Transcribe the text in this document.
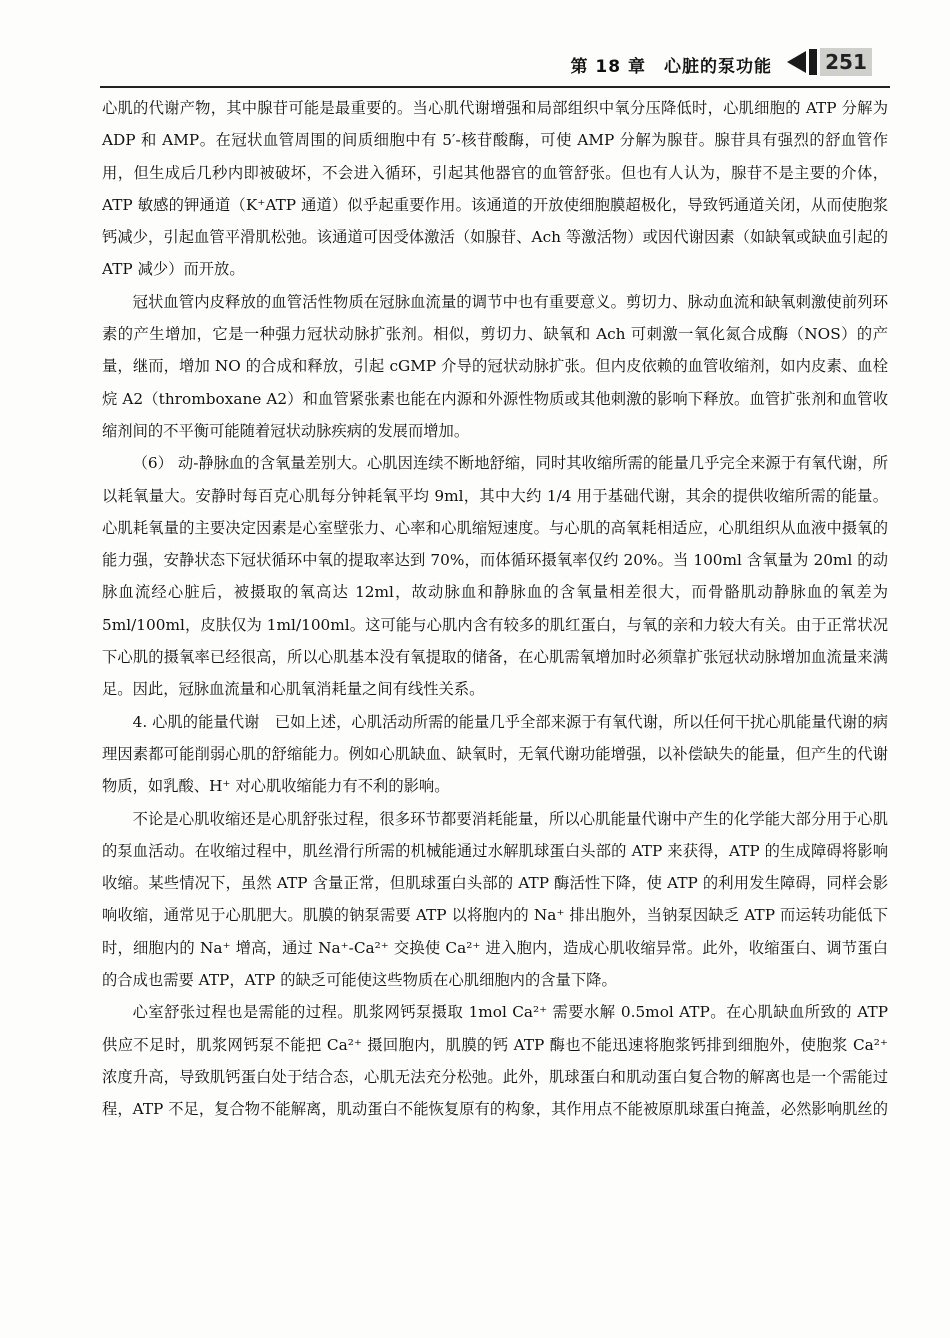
第 18 章　心脏的泵功能	251

心肌的代谢产物，其中腺苷可能是最重要的。当心肌代谢增强和局部组织中氧分压降低时，心肌细胞的 ATP 分解为 ADP 和 AMP。在冠状血管周围的间质细胞中有 5′-核苷酸酶，可使 AMP 分解为腺苷。腺苷具有强烈的舒血管作用，但生成后几秒内即被破坏，不会进入循环，引起其他器官的血管舒张。但也有人认为，腺苷不是主要的介体，ATP 敏感的钾通道（K⁺ATP 通道）似乎起重要作用。该通道的开放使细胞膜超极化，导致钙通道关闭，从而使胞浆钙减少，引起血管平滑肌松弛。该通道可因受体激活（如腺苷、Ach 等激活物）或因代谢因素（如缺氧或缺血引起的 ATP 减少）而开放。

冠状血管内皮释放的血管活性物质在冠脉血流量的调节中也有重要意义。剪切力、脉动血流和缺氧刺激使前列环素的产生增加，它是一种强力冠状动脉扩张剂。相似，剪切力、缺氧和 Ach 可刺激一氧化氮合成酶（NOS）的产量，继而，增加 NO 的合成和释放，引起 cGMP 介导的冠状动脉扩张。但内皮依赖的血管收缩剂，如内皮素、血栓烷 A2（thromboxane A2）和血管紧张素也能在内源和外源性物质或其他刺激的影响下释放。血管扩张剂和血管收缩剂间的不平衡可能随着冠状动脉疾病的发展而增加。

（6） 动-静脉血的含氧量差别大。心肌因连续不断地舒缩，同时其收缩所需的能量几乎完全来源于有氧代谢，所以耗氧量大。安静时每百克心肌每分钟耗氧平均 9ml，其中大约 1/4 用于基础代谢，其余的提供收缩所需的能量。心肌耗氧量的主要决定因素是心室壁张力、心率和心肌缩短速度。与心肌的高氧耗相适应，心肌组织从血液中摄氧的能力强，安静状态下冠状循环中氧的提取率达到 70%，而体循环摄氧率仅约 20%。当 100ml 含氧量为 20ml 的动脉血流经心脏后，被摄取的氧高达 12ml，故动脉血和静脉血的含氧量相差很大，而骨骼肌动静脉血的氧差为 5ml/100ml，皮肤仅为 1ml/100ml。这可能与心肌内含有较多的肌红蛋白，与氧的亲和力较大有关。由于正常状况下心肌的摄氧率已经很高，所以心肌基本没有氧提取的储备，在心肌需氧增加时必须靠扩张冠状动脉增加血流量来满足。因此，冠脉血流量和心肌氧消耗量之间有线性关系。

4. 心肌的能量代谢　已如上述，心肌活动所需的能量几乎全部来源于有氧代谢，所以任何干扰心肌能量代谢的病理因素都可能削弱心肌的舒缩能力。例如心肌缺血、缺氧时，无氧代谢功能增强，以补偿缺失的能量，但产生的代谢物质，如乳酸、H⁺ 对心肌收缩能力有不利的影响。

不论是心肌收缩还是心肌舒张过程，很多环节都要消耗能量，所以心肌能量代谢中产生的化学能大部分用于心肌的泵血活动。在收缩过程中，肌丝滑行所需的机械能通过水解肌球蛋白头部的 ATP 来获得，ATP 的生成障碍将影响收缩。某些情况下，虽然 ATP 含量正常，但肌球蛋白头部的 ATP 酶活性下降，使 ATP 的利用发生障碍，同样会影响收缩，通常见于心肌肥大。肌膜的钠泵需要 ATP 以将胞内的 Na⁺ 排出胞外，当钠泵因缺乏 ATP 而运转功能低下时，细胞内的 Na⁺ 增高，通过 Na⁺-Ca²⁺ 交换使 Ca²⁺ 进入胞内，造成心肌收缩异常。此外，收缩蛋白、调节蛋白的合成也需要 ATP，ATP 的缺乏可能使这些物质在心肌细胞内的含量下降。

心室舒张过程也是需能的过程。肌浆网钙泵摄取 1mol Ca²⁺ 需要水解 0.5mol ATP。在心肌缺血所致的 ATP 供应不足时，肌浆网钙泵不能把 Ca²⁺ 摄回胞内，肌膜的钙 ATP 酶也不能迅速将胞浆钙排到细胞外，使胞浆 Ca²⁺ 浓度升高，导致肌钙蛋白处于结合态，心肌无法充分松弛。此外，肌球蛋白和肌动蛋白复合物的解离也是一个需能过程，ATP 不足，复合物不能解离，肌动蛋白不能恢复原有的构象，其作用点不能被原肌球蛋白掩盖，必然影响肌丝的
